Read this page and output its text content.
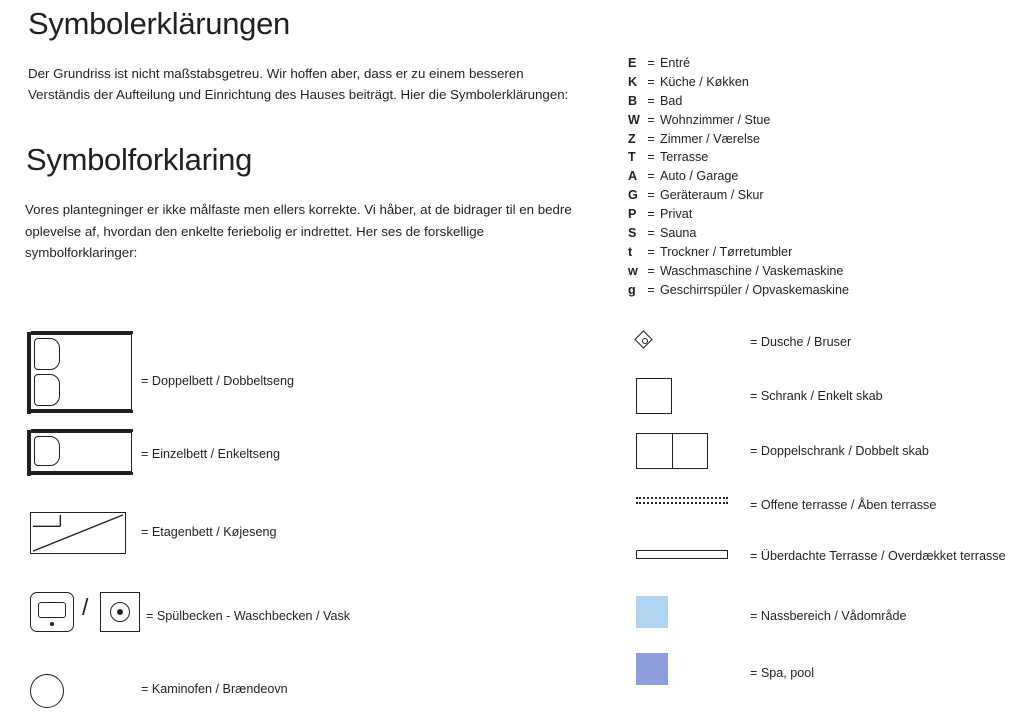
Symbolerklärungen

Der Grundriss ist nicht maßstabsgetreu. Wir hoffen aber, dass er zu einem besseren Verständis der Aufteilung und Einrichtung des Hauses beiträgt. Hier die Symbolerklärungen:

Symbolforklaring

Vores plantegninger er ikke målfaste men ellers korrekte. Vi håber, at de bidrager til en bedre oplevelse af, hvordan den enkelte feriebolig er indrettet. Her ses de forskellige symbolforklaringer:

= Doppelbett / Dobbeltseng
= Einzelbett / Enkeltseng
= Etagenbett / Køjeseng
/	= Spülbecken - Waschbecken / Vask
= Kaminofen / Brændeovn
E = Entré
K = Küche / Køkken
B = Bad
W = Wohnzimmer / Stue
Z = Zimmer / Værelse
T = Terrasse
A = Auto / Garage
G = Geräteraum / Skur
P = Privat
S = Sauna
t	= Trockner / Tørretumbler
w = Waschmaschine / Vaskemaskine
g = Geschirrspüler / Opvaskemaskine
= Dusche / Bruser
= Schrank / Enkelt skab
= Doppelschrank / Dobbelt skab
= Offene terrasse / Åben terrasse
= Überdachte Terrasse / Overdækket terrasse
= Nassbereich / Vådområde
= Spa, pool
